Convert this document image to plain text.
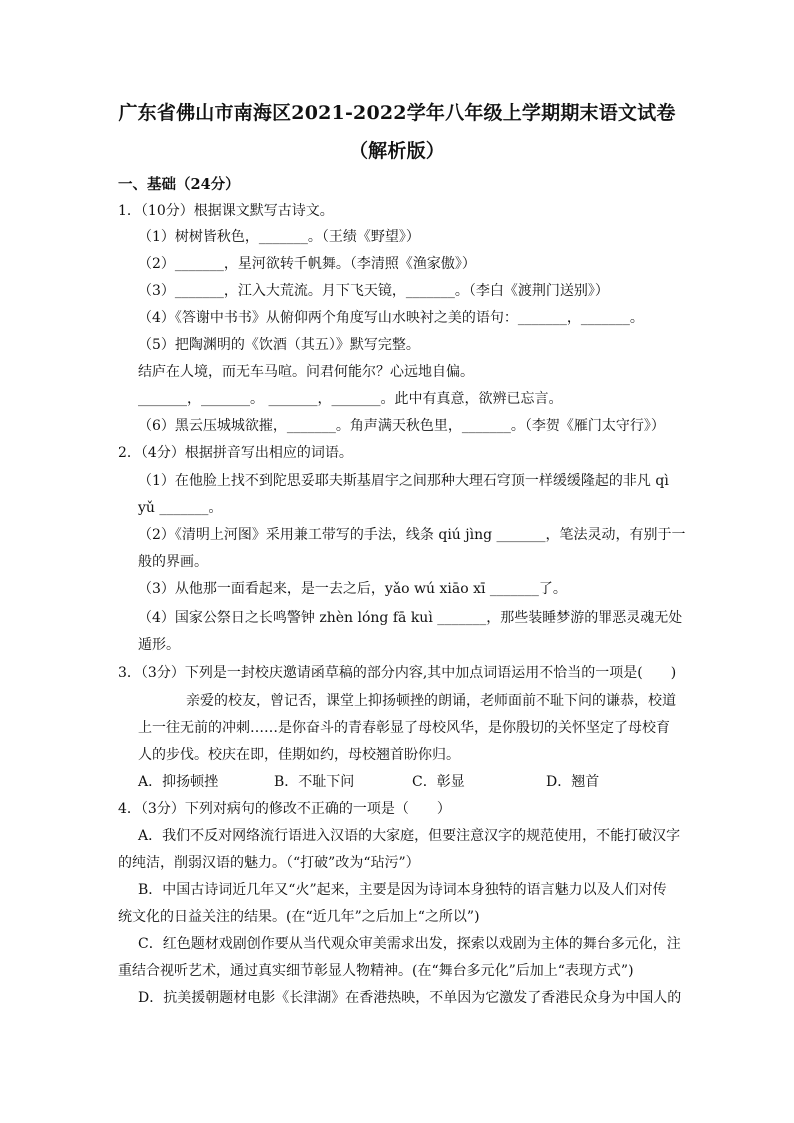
广东省佛山市南海区2021-2022学年八年级上学期期末语文试卷
（解析版）
一、基础（24分）
1．（10分）根据课文默写古诗文。
（1）树树皆秋色，_______。（王绩《野望》）
（2）_______，星河欲转千帆舞。（李清照《渔家傲》）
（3）_______，江入大荒流。月下飞天镜，_______。（李白《渡荆门送别》）
（4）《答谢中书书》从俯仰两个角度写山水映衬之美的语句：_______，_______。
（5）把陶渊明的《饮酒（其五）》默写完整。
结庐在人境，而无车马喧。问君何能尔？心远地自偏。
_______，_______。 _______，_______。此中有真意，欲辨已忘言。
（6）黑云压城城欲摧，_______。角声满天秋色里，_______。（李贺《雁门太守行》）
2．（4分）根据拼音写出相应的词语。
（1）在他脸上找不到陀思妥耶夫斯基眉宇之间那种大理石穹顶一样缓缓隆起的非凡 qì
yǔ _______。
（2）《清明上河图》采用兼工带写的手法，线条 qiú jìng _______，笔法灵动，有别于一
般的界画。
（3）从他那一面看起来，是一去之后，yǎo wú xiāo xī _______了。
（4）国家公祭日之长鸣警钟 zhèn lóng fā kuì _______，那些装睡梦游的罪恶灵魂无处
遁形。
3．（3分）下列是一封校庆邀请函草稿的部分内容,其中加点词语运用不恰当的一项是(　　)
亲爱的校友，曾记否，课堂上抑扬顿挫的朗诵，老师面前不耻下问的谦恭，校道
上一往无前的冲刺……是你奋斗的青春彰显了母校风华，是你殷切的关怀坚定了母校育
人的步伐。校庆在即，佳期如约，母校翘首盼你归。
A．抑扬顿挫	B．不耻下问	C．彰显	D．翘首
4．（3分）下列对病句的修改不正确的一项是（　　）
A．我们不反对网络流行语进入汉语的大家庭，但要注意汉字的规范使用，不能打破汉字
的纯洁，削弱汉语的魅力。（“打破”改为“玷污”）
B．中国古诗词近几年又“火”起来，主要是因为诗词本身独特的语言魅力以及人们对传
统文化的日益关注的结果。(在“近几年”之后加上“之所以”)
C．红色题材戏剧创作要从当代观众审美需求出发，探索以戏剧为主体的舞台多元化，注
重结合视听艺术，通过真实细节彰显人物精神。(在“舞台多元化”后加上“表现方式”)
D．抗美援朝题材电影《长津湖》在香港热映，不单因为它激发了香港民众身为中国人的
